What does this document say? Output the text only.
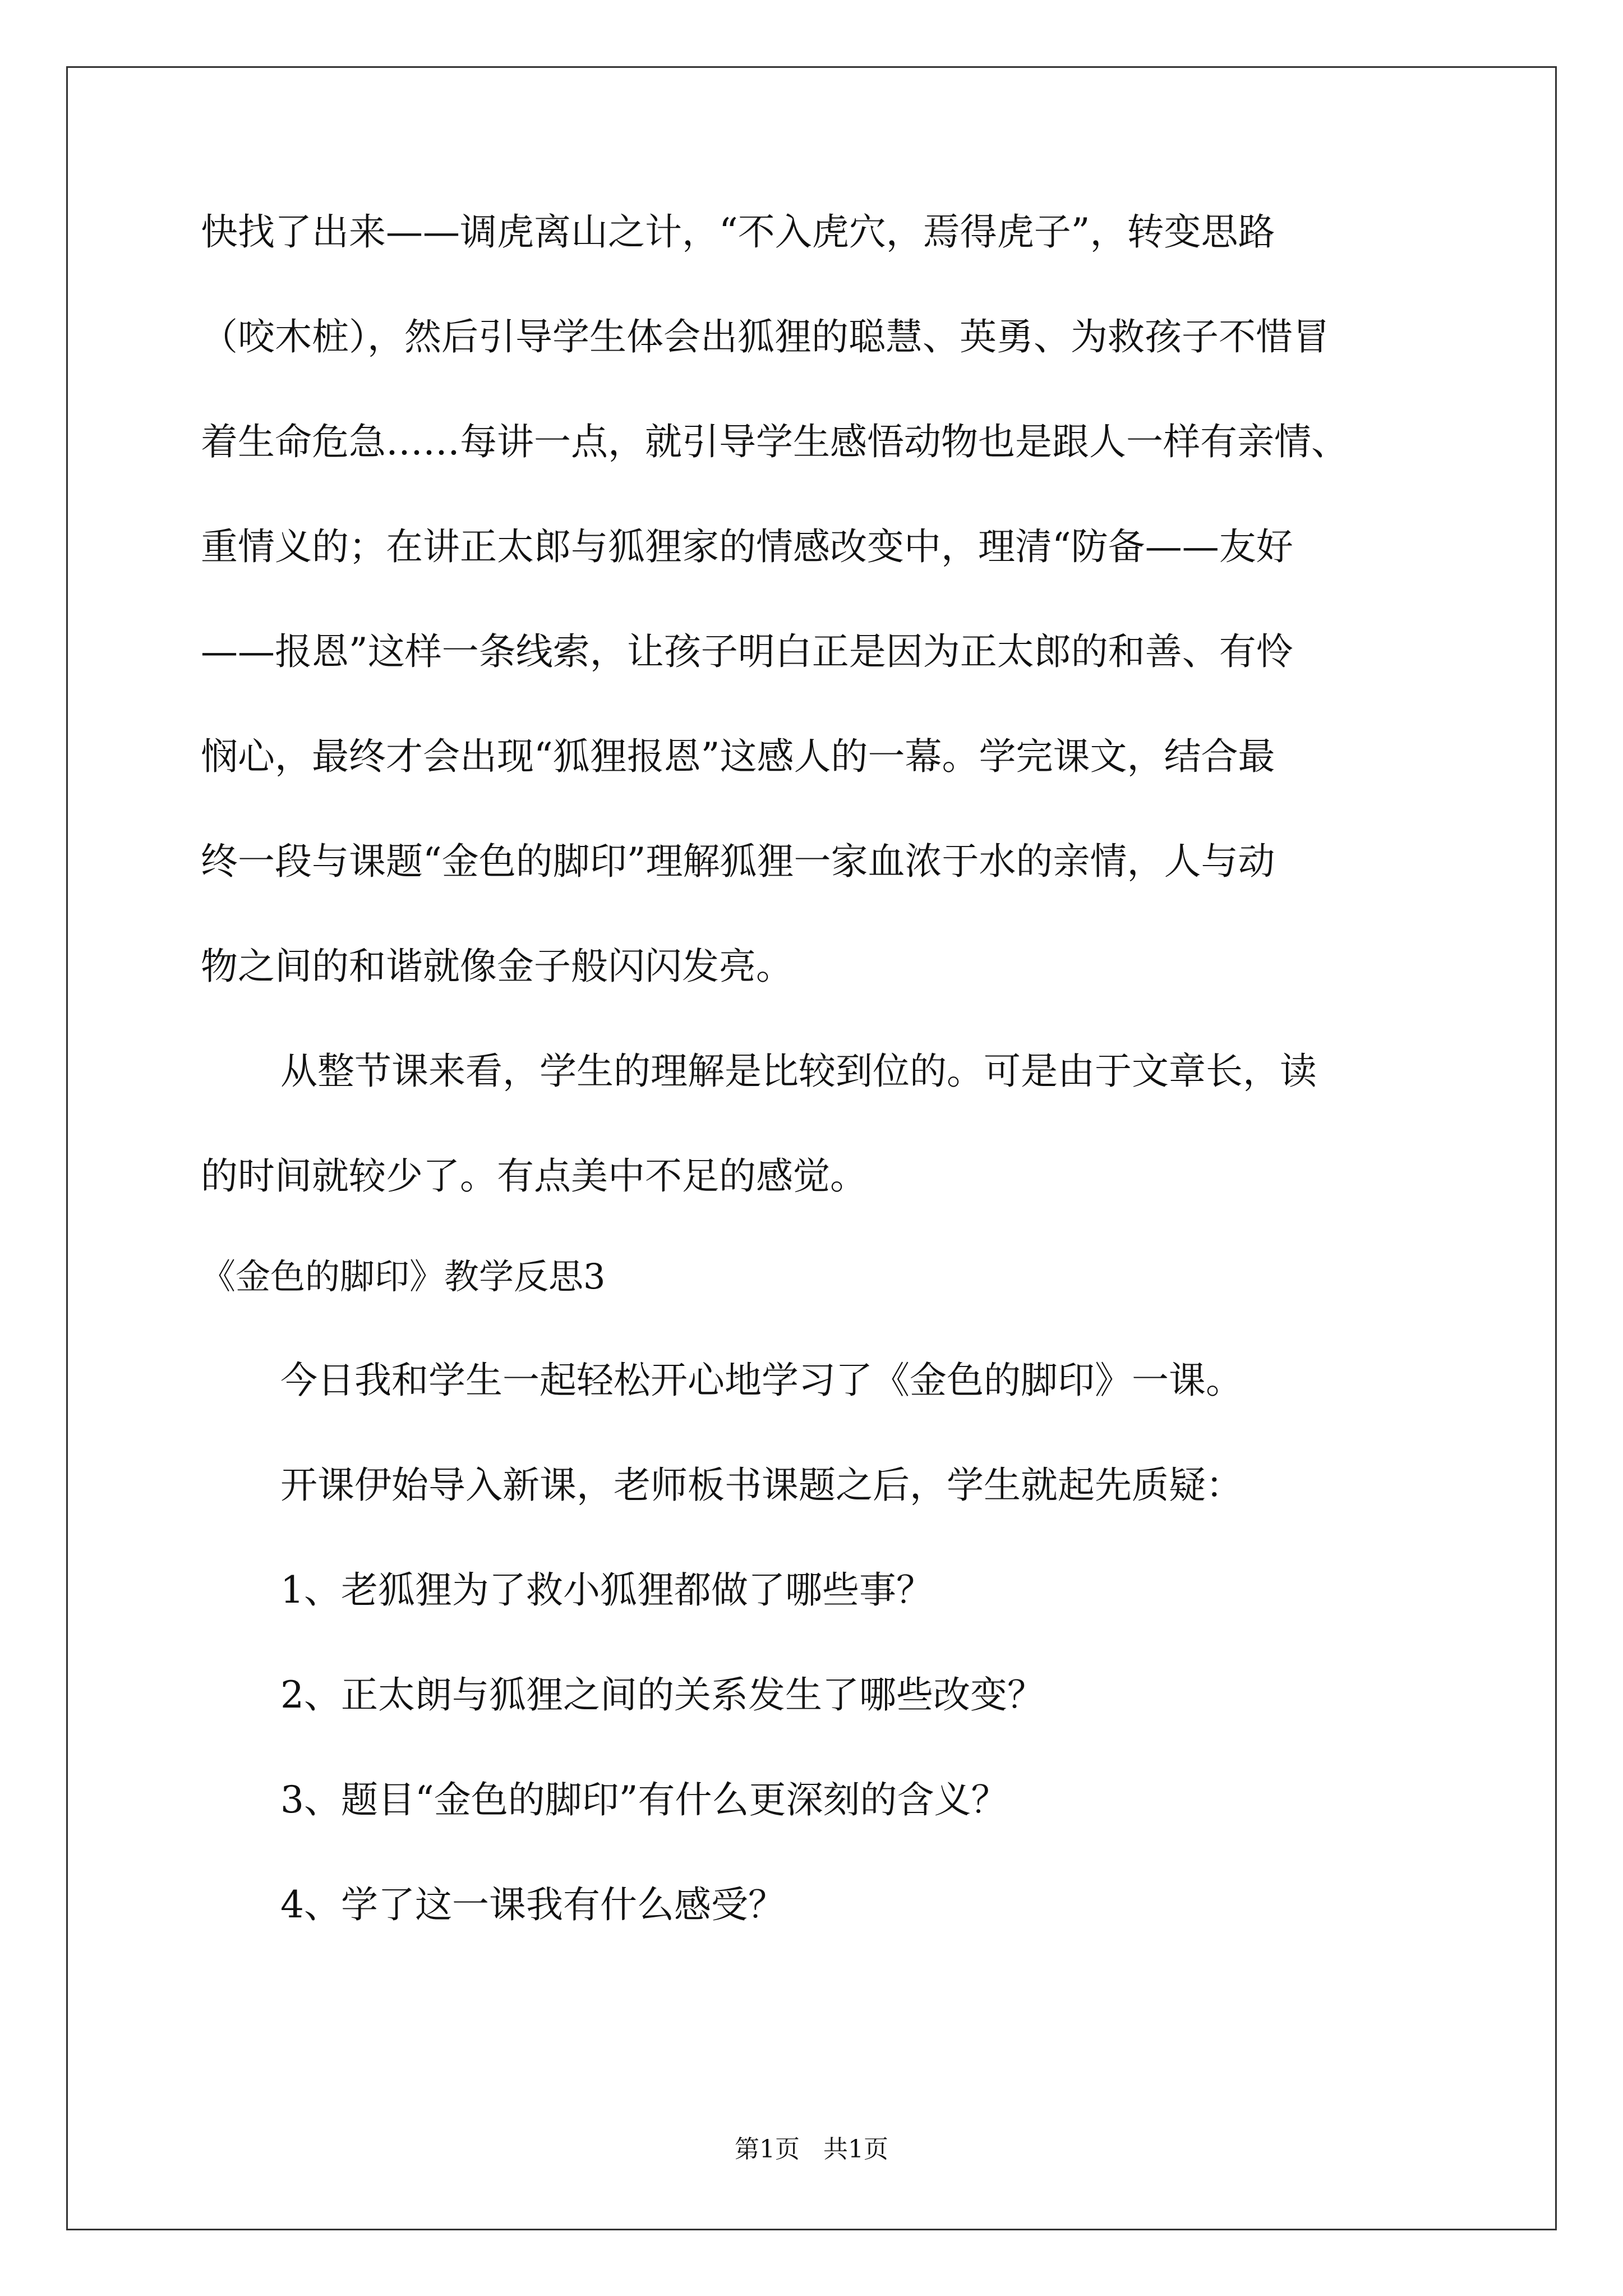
快找了出来——调虎离山之计，“不入虎穴，焉得虎子”，转变思路
（咬木桩），然后引导学生体会出狐狸的聪慧、英勇、为救孩子不惜冒
着生命危急……每讲一点，就引导学生感悟动物也是跟人一样有亲情、
重情义的；在讲正太郎与狐狸家的情感改变中，理清“防备——友好
——报恩”这样一条线索，让孩子明白正是因为正太郎的和善、有怜
悯心，最终才会出现“狐狸报恩”这感人的一幕。学完课文，结合最
终一段与课题“金色的脚印”理解狐狸一家血浓于水的亲情，人与动
物之间的和谐就像金子般闪闪发亮。
从整节课来看，学生的理解是比较到位的。可是由于文章长，读
的时间就较少了。有点美中不足的感觉。
《金色的脚印》教学反思3
今日我和学生一起轻松开心地学习了《金色的脚印》一课。
开课伊始导入新课，老师板书课题之后，学生就起先质疑：
1、老狐狸为了救小狐狸都做了哪些事？
2、正太朗与狐狸之间的关系发生了哪些改变？
3、题目“金色的脚印”有什么更深刻的含义？
4、学了这一课我有什么感受？
第1页   共1页
